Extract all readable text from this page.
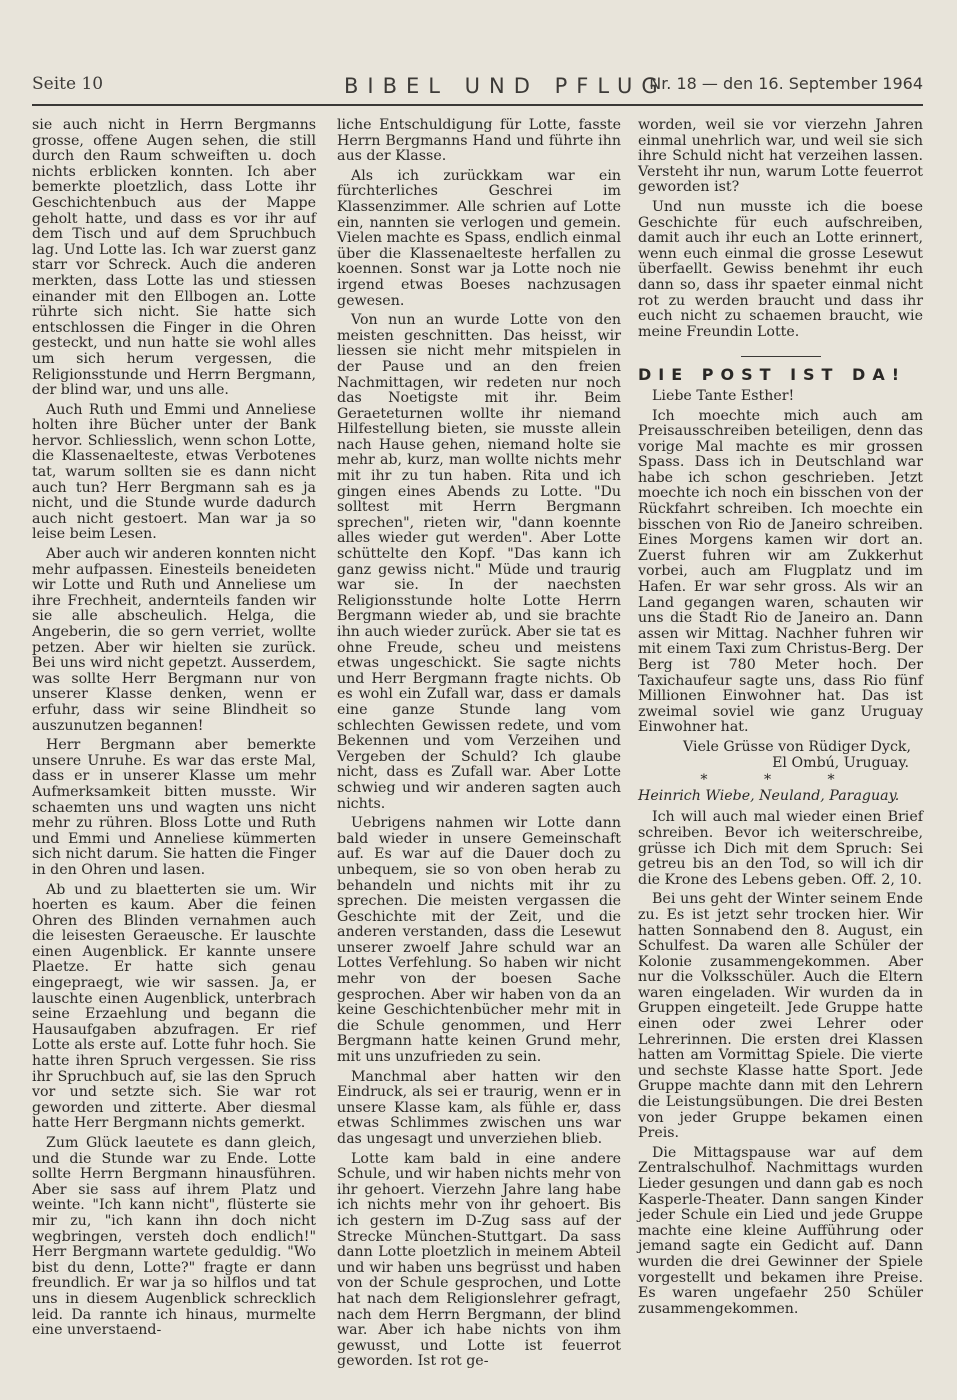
Seite 10	BIBEL UND PFLUG
Nr. 18 — den 16. September 1964

sie auch nicht in Herrn Bergmanns grosse, offene Augen sehen, die still durch den Raum schweiften u. doch nichts erblicken konnten. Ich aber bemerkte ploetzlich, dass Lotte ihr Geschichtenbuch aus der Mappe geholt hatte, und dass es vor ihr auf dem Tisch und auf dem Spruchbuch lag. Und Lotte las. Ich war zuerst ganz starr vor Schreck. Auch die anderen merkten, dass Lotte las und stiessen einander mit den Ellbogen an. Lotte rührte sich nicht. Sie hatte sich entschlossen die Finger in die Ohren gesteckt, und nun hatte sie wohl alles um sich herum vergessen, die Religionsstunde und Herrn Bergmann, der blind war, und uns alle.

Auch Ruth und Emmi und Anneliese holten ihre Bücher unter der Bank hervor. Schliesslich, wenn schon Lotte, die Klassenaelteste, etwas Verbotenes tat, warum sollten sie es dann nicht auch tun? Herr Bergmann sah es ja nicht, und die Stunde wurde dadurch auch nicht gestoert. Man war ja so leise beim Lesen.

Aber auch wir anderen konnten nicht mehr aufpassen. Einesteils beneideten wir Lotte und Ruth und Anneliese um ihre Frechheit, andernteils fanden wir sie alle abscheulich. Helga, die Angeberin, die so gern verriet, wollte petzen. Aber wir hielten sie zurück. Bei uns wird nicht gepetzt. Ausserdem, was sollte Herr Bergmann nur von unserer Klasse denken, wenn er erfuhr, dass wir seine Blindheit so auszunutzen begannen!

Herr Bergmann aber bemerkte unsere Unruhe. Es war das erste Mal, dass er in unserer Klasse um mehr Aufmerksamkeit bitten musste. Wir schaemten uns und wagten uns nicht mehr zu rühren. Bloss Lotte und Ruth und Emmi und Anneliese kümmerten sich nicht darum. Sie hatten die Finger in den Ohren und lasen.

Ab und zu blaetterten sie um. Wir hoerten es kaum. Aber die feinen Ohren des Blinden vernahmen auch die leisesten Geraeusche. Er lauschte einen Augenblick. Er kannte unsere Plaetze. Er hatte sich genau eingepraegt, wie wir sassen. Ja, er lauschte einen Augenblick, unterbrach seine Erzaehlung und begann die Hausaufgaben abzufragen. Er rief Lotte als erste auf. Lotte fuhr hoch. Sie hatte ihren Spruch vergessen. Sie riss ihr Spruchbuch auf, sie las den Spruch vor und setzte sich. Sie war rot geworden und zitterte. Aber diesmal hatte Herr Bergmann nichts gemerkt.

Zum Glück laeutete es dann gleich, und die Stunde war zu Ende. Lotte sollte Herrn Bergmann hinausführen. Aber sie sass auf ihrem Platz und weinte. "Ich kann nicht", flüsterte sie mir zu, "ich kann ihn doch nicht wegbringen, versteh doch endlich!" Herr Bergmann wartete geduldig. "Wo bist du denn, Lotte?" fragte er dann freundlich. Er war ja so hilflos und tat uns in diesem Augenblick schrecklich leid. Da rannte ich hinaus, murmelte eine unverstaend-

liche Entschuldigung für Lotte, fasste Herrn Bergmanns Hand und führte ihn aus der Klasse.

Als ich zurückkam war ein fürchterliches Geschrei im Klassenzimmer. Alle schrien auf Lotte ein, nannten sie verlogen und gemein. Vielen machte es Spass, endlich einmal über die Klassenaelteste herfallen zu koennen. Sonst war ja Lotte noch nie irgend etwas Boeses nachzusagen gewesen.

Von nun an wurde Lotte von den meisten geschnitten. Das heisst, wir liessen sie nicht mehr mitspielen in der Pause und an den freien Nachmittagen, wir redeten nur noch das Noetigste mit ihr. Beim Geraeteturnen wollte ihr niemand Hilfestellung bieten, sie musste allein nach Hause gehen, niemand holte sie mehr ab, kurz, man wollte nichts mehr mit ihr zu tun haben. Rita und ich gingen eines Abends zu Lotte. "Du solltest mit Herrn Bergmann sprechen", rieten wir, "dann koennte alles wieder gut werden". Aber Lotte schüttelte den Kopf. "Das kann ich ganz gewiss nicht." Müde und traurig war sie. In der naechsten Religionsstunde holte Lotte Herrn Bergmann wieder ab, und sie brachte ihn auch wieder zurück. Aber sie tat es ohne Freude, scheu und meistens etwas ungeschickt. Sie sagte nichts und Herr Bergmann fragte nichts. Ob es wohl ein Zufall war, dass er damals eine ganze Stunde lang vom schlechten Gewissen redete, und vom Bekennen und vom Verzeihen und Vergeben der Schuld? Ich glaube nicht, dass es Zufall war. Aber Lotte schwieg und wir anderen sagten auch nichts.

Uebrigens nahmen wir Lotte dann bald wieder in unsere Gemeinschaft auf. Es war auf die Dauer doch zu unbequem, sie so von oben herab zu behandeln und nichts mit ihr zu sprechen. Die meisten vergassen die Geschichte mit der Zeit, und die anderen verstanden, dass die Lesewut unserer zwoelf Jahre schuld war an Lottes Verfehlung. So haben wir nicht mehr von der boesen Sache gesprochen. Aber wir haben von da an keine Geschichtenbücher mehr mit in die Schule genommen, und Herr Bergmann hatte keinen Grund mehr, mit uns unzufrieden zu sein.

Manchmal aber hatten wir den Eindruck, als sei er traurig, wenn er in unsere Klasse kam, als fühle er, dass etwas Schlimmes zwischen uns war das ungesagt und unverziehen blieb.

Lotte kam bald in eine andere Schule, und wir haben nichts mehr von ihr gehoert. Vierzehn Jahre lang habe ich nichts mehr von ihr gehoert. Bis ich gestern im D-Zug sass auf der Strecke München-Stuttgart. Da sass dann Lotte ploetzlich in meinem Abteil und wir haben uns begrüsst und haben von der Schule gesprochen, und Lotte hat nach dem Religionslehrer gefragt, nach dem Herrn Bergmann, der blind war. Aber ich habe nichts von ihm gewusst, und Lotte ist feuerrot geworden. Ist rot ge-

worden, weil sie vor vierzehn Jahren einmal unehrlich war, und weil sie sich ihre Schuld nicht hat verzeihen lassen. Versteht ihr nun, warum Lotte feuerrot geworden ist?

Und nun musste ich die boese Geschichte für euch aufschreiben, damit auch ihr euch an Lotte erinnert, wenn euch einmal die grosse Lesewut überfaellt. Gewiss benehmt ihr euch dann so, dass ihr spaeter einmal nicht rot zu werden braucht und dass ihr euch nicht zu schaemen braucht, wie meine Freundin Lotte.

DIE POST IST DA!

Liebe Tante Esther!

Ich moechte mich auch am Preisausschreiben beteiligen, denn das vorige Mal machte es mir grossen Spass. Dass ich in Deutschland war habe ich schon geschrieben. Jetzt moechte ich noch ein bisschen von der Rückfahrt schreiben. Ich moechte ein bisschen von Rio de Janeiro schreiben. Eines Morgens kamen wir dort an. Zuerst fuhren wir am Zukkerhut vorbei, auch am Flugplatz und im Hafen. Er war sehr gross. Als wir an Land gegangen waren, schauten wir uns die Stadt Rio de Janeiro an. Dann assen wir Mittag. Nachher fuhren wir mit einem Taxi zum Christus-Berg. Der Berg ist 780 Meter hoch. Der Taxichaufeur sagte uns, dass Rio fünf Millionen Einwohner hat. Das ist zweimal soviel wie ganz Uruguay Einwohner hat.

Viele Grüsse von Rüdiger Dyck,

El Ombú, Uruguay.

* * *

Heinrich Wiebe, Neuland, Paraguay.

Ich will auch mal wieder einen Brief schreiben. Bevor ich weiterschreibe, grüsse ich Dich mit dem Spruch: Sei getreu bis an den Tod, so will ich dir die Krone des Lebens geben. Off. 2, 10.

Bei uns geht der Winter seinem Ende zu. Es ist jetzt sehr trocken hier. Wir hatten Sonnabend den 8. August, ein Schulfest. Da waren alle Schüler der Kolonie zusammengekommen. Aber nur die Volksschüler. Auch die Eltern waren eingeladen. Wir wurden da in Gruppen eingeteilt. Jede Gruppe hatte einen oder zwei Lehrer oder Lehrerinnen. Die ersten drei Klassen hatten am Vormittag Spiele. Die vierte und sechste Klasse hatte Sport. Jede Gruppe machte dann mit den Lehrern die Leistungsübungen. Die drei Besten von jeder Gruppe bekamen einen Preis.

Die Mittagspause war auf dem Zentralschulhof. Nachmittags wurden Lieder gesungen und dann gab es noch Kasperle-Theater. Dann sangen Kinder jeder Schule ein Lied und jede Gruppe machte eine kleine Aufführung oder jemand sagte ein Gedicht auf. Dann wurden die drei Gewinner der Spiele vorgestellt und bekamen ihre Preise. Es waren ungefaehr 250 Schüler zusammengekommen.
